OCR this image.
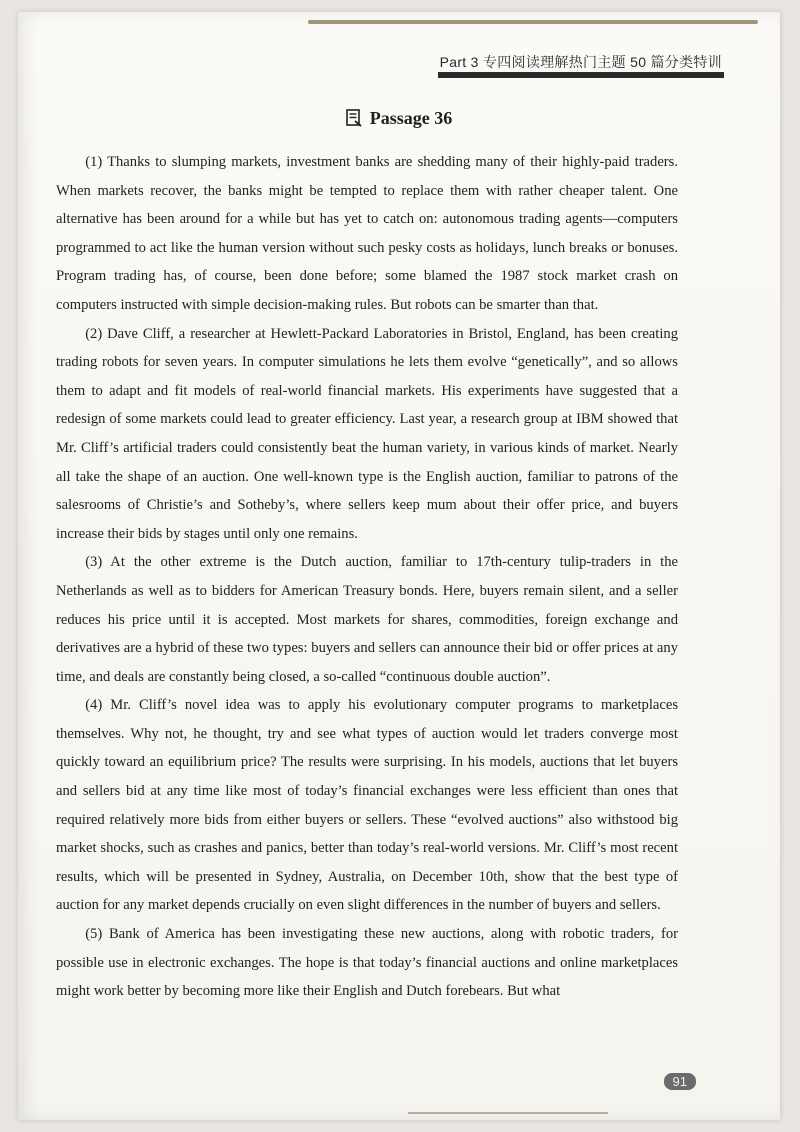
Part 3 专四阅读理解热门主题 50 篇分类特训
Passage 36

(1) Thanks to slumping markets, investment banks are shedding many of their highly-paid traders. When markets recover, the banks might be tempted to replace them with rather cheaper talent. One alternative has been around for a while but has yet to catch on: autonomous trading agents—computers programmed to act like the human version without such pesky costs as holidays, lunch breaks or bonuses. Program trading has, of course, been done before; some blamed the 1987 stock market crash on computers instructed with simple decision-making rules. But robots can be smarter than that.

(2) Dave Cliff, a researcher at Hewlett-Packard Laboratories in Bristol, England, has been creating trading robots for seven years. In computer simulations he lets them evolve “genetically”, and so allows them to adapt and fit models of real-world financial markets. His experiments have suggested that a redesign of some markets could lead to greater efficiency. Last year, a research group at IBM showed that Mr. Cliff’s artificial traders could consistently beat the human variety, in various kinds of market. Nearly all take the shape of an auction. One well-known type is the English auction, familiar to patrons of the salesrooms of Christie’s and Sotheby’s, where sellers keep mum about their offer price, and buyers increase their bids by stages until only one remains.

(3) At the other extreme is the Dutch auction, familiar to 17th-century tulip-traders in the Netherlands as well as to bidders for American Treasury bonds. Here, buyers remain silent, and a seller reduces his price until it is accepted. Most markets for shares, commodities, foreign exchange and derivatives are a hybrid of these two types: buyers and sellers can announce their bid or offer prices at any time, and deals are constantly being closed, a so-called “continuous double auction”.

(4) Mr. Cliff’s novel idea was to apply his evolutionary computer programs to marketplaces themselves. Why not, he thought, try and see what types of auction would let traders converge most quickly toward an equilibrium price? The results were surprising. In his models, auctions that let buyers and sellers bid at any time like most of today’s financial exchanges were less efficient than ones that required relatively more bids from either buyers or sellers. These “evolved auctions” also withstood big market shocks, such as crashes and panics, better than today’s real-world versions. Mr. Cliff’s most recent results, which will be presented in Sydney, Australia, on December 10th, show that the best type of auction for any market depends crucially on even slight differences in the number of buyers and sellers.

(5) Bank of America has been investigating these new auctions, along with robotic traders, for possible use in electronic exchanges. The hope is that today’s financial auctions and online marketplaces might work better by becoming more like their English and Dutch forebears. But what

91
